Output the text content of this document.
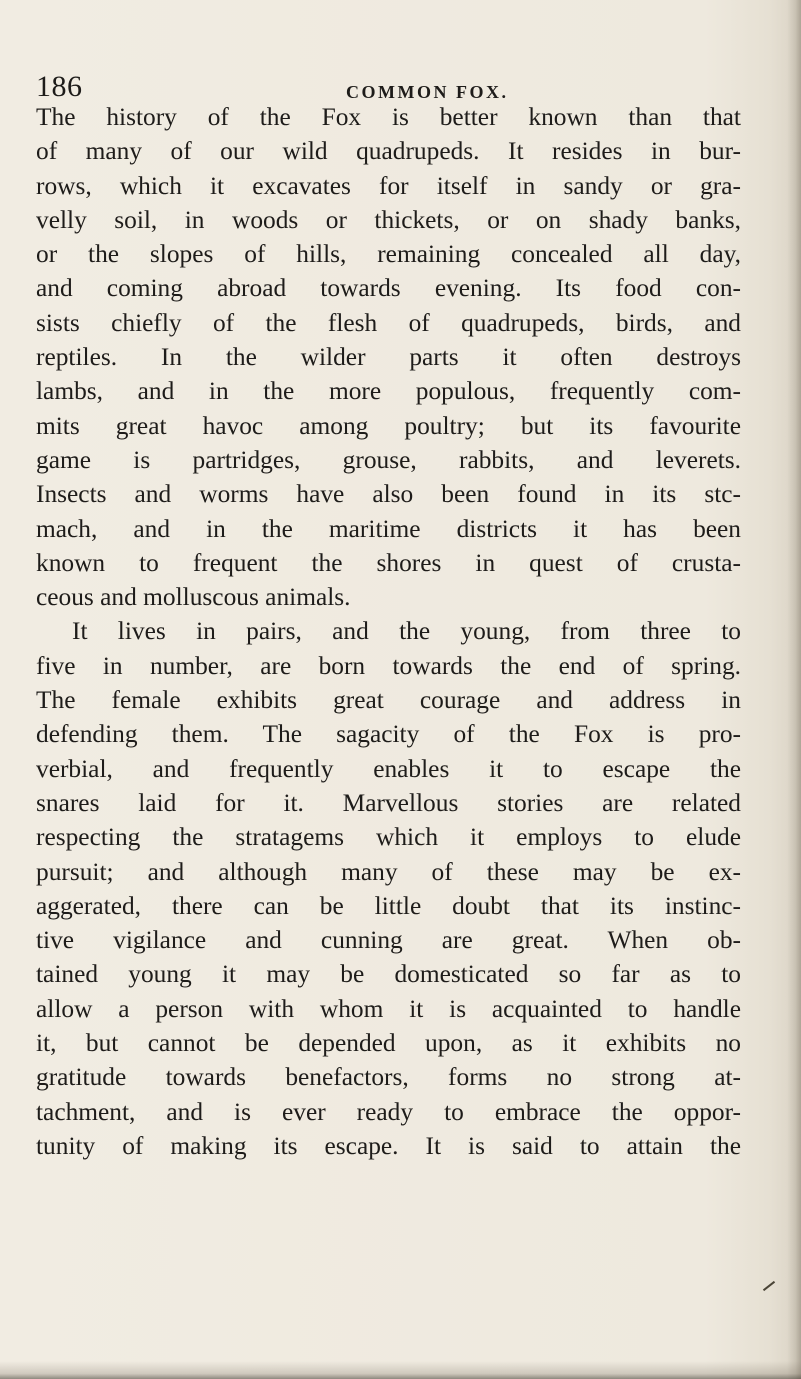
186	COMMON FOX.
The history of the Fox is better known than that
of many of our wild quadrupeds. It resides in bur-
rows, which it excavates for itself in sandy or gra-
velly soil, in woods or thickets, or on shady banks,
or the slopes of hills, remaining concealed all day,
and coming abroad towards evening. Its food con-
sists chiefly of the flesh of quadrupeds, birds, and
reptiles. In the wilder parts it often destroys
lambs, and in the more populous, frequently com-
mits great havoc among poultry; but its favourite
game is partridges, grouse, rabbits, and leverets.
Insects and worms have also been found in its stc-
mach, and in the maritime districts it has been
known to frequent the shores in quest of crusta-
ceous and molluscous animals.
It lives in pairs, and the young, from three to
five in number, are born towards the end of spring.
The female exhibits great courage and address in
defending them. The sagacity of the Fox is pro-
verbial, and frequently enables it to escape the
snares laid for it. Marvellous stories are related
respecting the stratagems which it employs to elude
pursuit; and although many of these may be ex-
aggerated, there can be little doubt that its instinc-
tive vigilance and cunning are great. When ob-
tained young it may be domesticated so far as to
allow a person with whom it is acquainted to handle
it, but cannot be depended upon, as it exhibits no
gratitude towards benefactors, forms no strong at-
tachment, and is ever ready to embrace the oppor-
tunity of making its escape. It is said to attain the
